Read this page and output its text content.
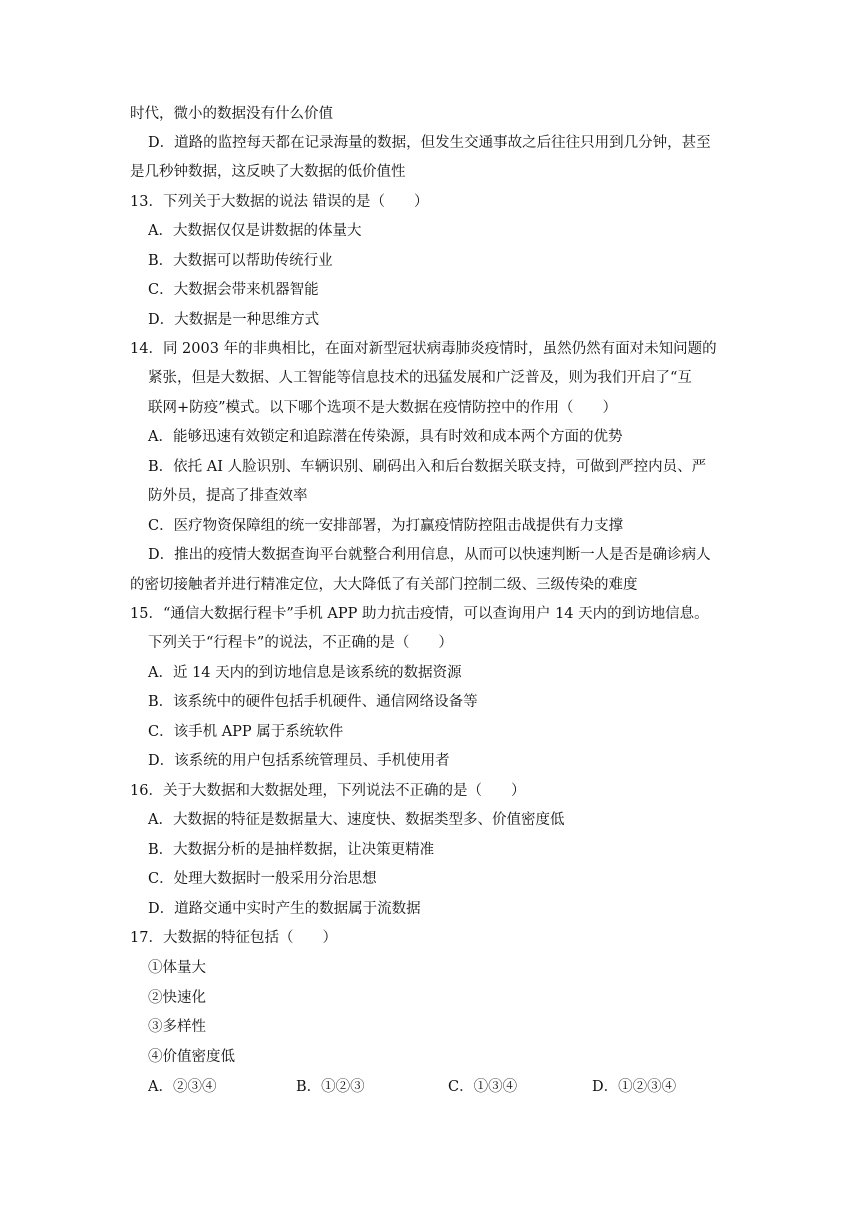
时代，微小的数据没有什么价值
D．道路的监控每天都在记录海量的数据，但发生交通事故之后往往只用到几分钟，甚至
是几秒钟数据，这反映了大数据的低价值性
13．下列关于大数据的说法 错误的是（　　）
A．大数据仅仅是讲数据的体量大
B．大数据可以帮助传统行业
C．大数据会带来机器智能
D．大数据是一种思维方式
14．同 2003 年的非典相比，在面对新型冠状病毒肺炎疫情时，虽然仍然有面对未知问题的
紧张，但是大数据、人工智能等信息技术的迅猛发展和广泛普及，则为我们开启了“互
联网+防疫”模式。以下哪个选项不是大数据在疫情防控中的作用（　　）
A．能够迅速有效锁定和追踪潜在传染源，具有时效和成本两个方面的优势
B．依托 AI 人脸识别、车辆识别、刷码出入和后台数据关联支持，可做到严控内员、严
防外员，提高了排查效率
C．医疗物资保障组的统一安排部署，为打赢疫情防控阻击战提供有力支撑
D．推出的疫情大数据查询平台就整合利用信息，从而可以快速判断一人是否是确诊病人
的密切接触者并进行精准定位，大大降低了有关部门控制二级、三级传染的难度
15．“通信大数据行程卡”手机 APP 助力抗击疫情，可以查询用户 14 天内的到访地信息。
下列关于“行程卡”的说法，不正确的是（　　）
A．近 14 天内的到访地信息是该系统的数据资源
B．该系统中的硬件包括手机硬件、通信网络设备等
C．该手机 APP 属于系统软件
D．该系统的用户包括系统管理员、手机使用者
16．关于大数据和大数据处理，下列说法不正确的是（　　）
A．大数据的特征是数据量大、速度快、数据类型多、价值密度低
B．大数据分析的是抽样数据，让决策更精准
C．处理大数据时一般采用分治思想
D．道路交通中实时产生的数据属于流数据
17．大数据的特征包括（　　）
①体量大
②快速化
③多样性
④价值密度低
A．②③④	B．①②③	C．①③④	D．①②③④
